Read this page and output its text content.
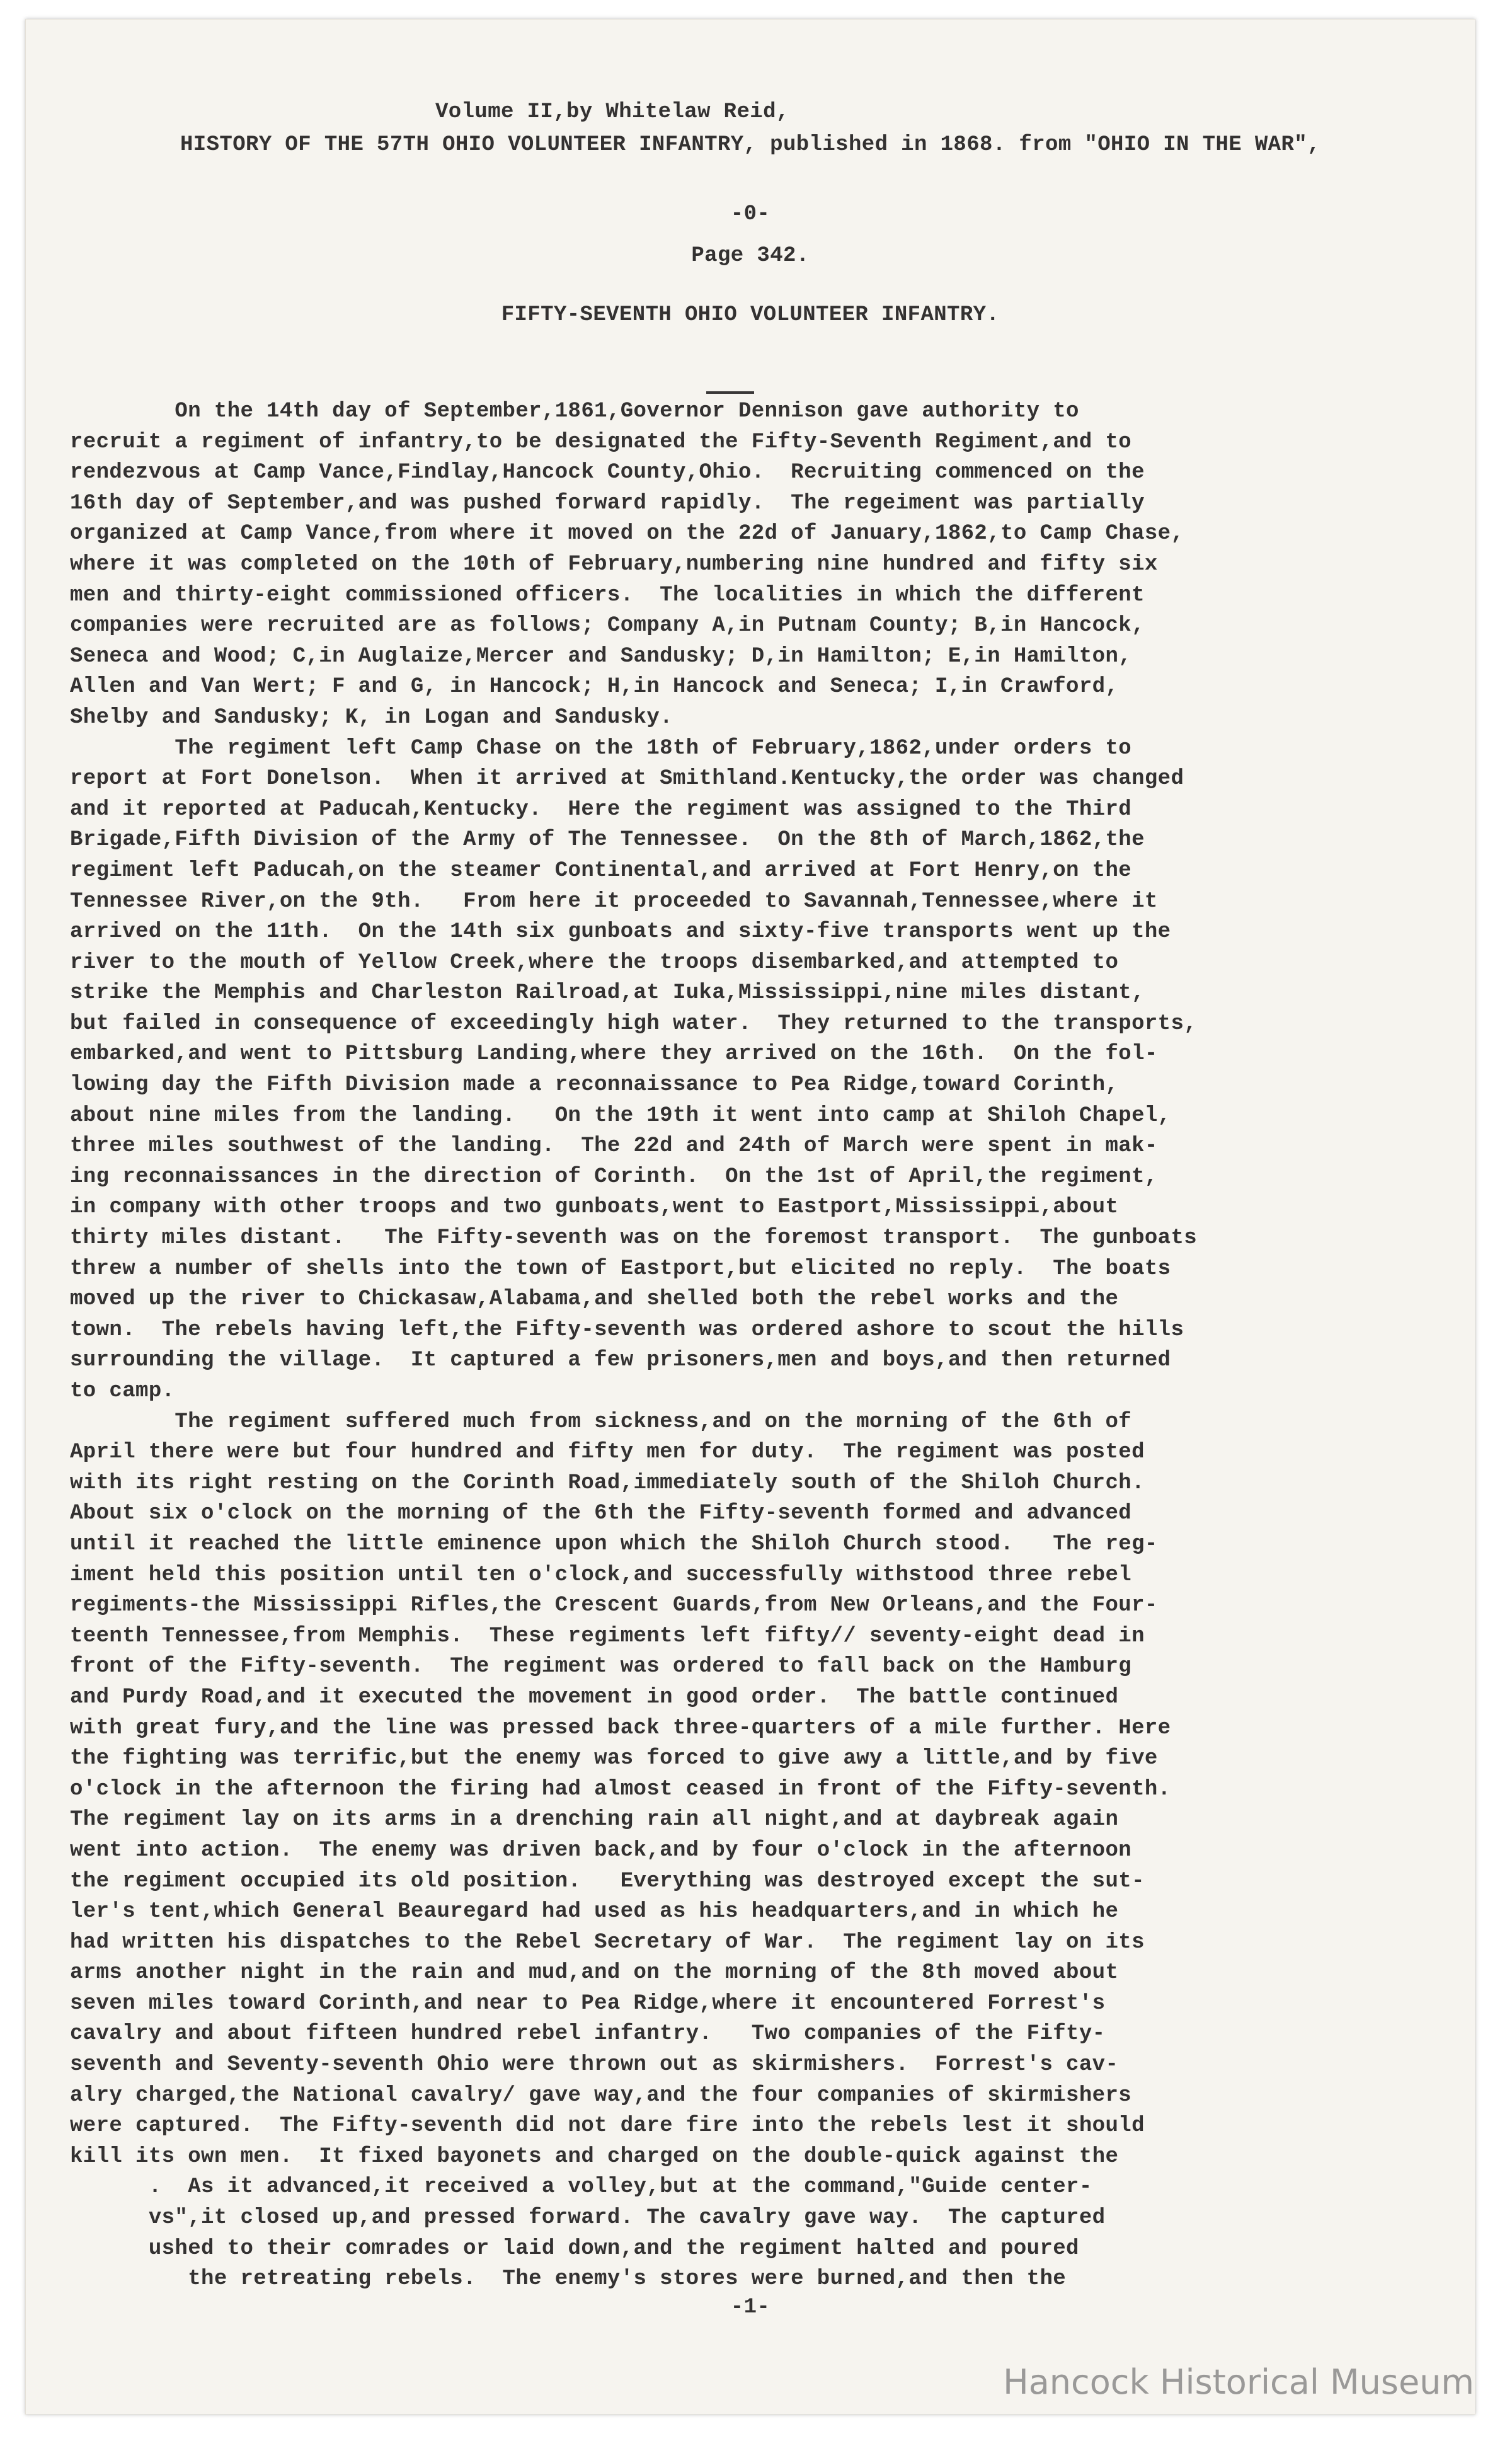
Volume II,by Whitelaw Reid,
HISTORY OF THE 57TH OHIO VOLUNTEER INFANTRY, published in 1868. from "OHIO IN THE WAR",
-0-
Page 342.
FIFTY-SEVENTH OHIO VOLUNTEER INFANTRY.
On the 14th day of September,1861,Governor Dennison gave authority to
recruit a regiment of infantry,to be designated the Fifty-Seventh Regiment,and to
rendezvous at Camp Vance,Findlay,Hancock County,Ohio.  Recruiting commenced on the
16th day of September,and was pushed forward rapidly.  The regeiment was partially
organized at Camp Vance,from where it moved on the 22d of January,1862,to Camp Chase,
where it was completed on the 10th of February,numbering nine hundred and fifty six
men and thirty-eight commissioned officers.  The localities in which the different
companies were recruited are as follows; Company A,in Putnam County; B,in Hancock,
Seneca and Wood; C,in Auglaize,Mercer and Sandusky; D,in Hamilton; E,in Hamilton,
Allen and Van Wert; F and G, in Hancock; H,in Hancock and Seneca; I,in Crawford,
Shelby and Sandusky; K, in Logan and Sandusky.
The regiment left Camp Chase on the 18th of February,1862,under orders to
report at Fort Donelson.  When it arrived at Smithland.Kentucky,the order was changed
and it reported at Paducah,Kentucky.  Here the regiment was assigned to the Third
Brigade,Fifth Division of the Army of The Tennessee.  On the 8th of March,1862,the
regiment left Paducah,on the steamer Continental,and arrived at Fort Henry,on the
Tennessee River,on the 9th.   From here it proceeded to Savannah,Tennessee,where it
arrived on the 11th.  On the 14th six gunboats and sixty-five transports went up the
river to the mouth of Yellow Creek,where the troops disembarked,and attempted to
strike the Memphis and Charleston Railroad,at Iuka,Mississippi,nine miles distant,
but failed in consequence of exceedingly high water.  They returned to the transports,
embarked,and went to Pittsburg Landing,where they arrived on the 16th.  On the fol-
lowing day the Fifth Division made a reconnaissance to Pea Ridge,toward Corinth,
about nine miles from the landing.   On the 19th it went into camp at Shiloh Chapel,
three miles southwest of the landing.  The 22d and 24th of March were spent in mak-
ing reconnaissances in the direction of Corinth.  On the 1st of April,the regiment,
in company with other troops and two gunboats,went to Eastport,Mississippi,about
thirty miles distant.   The Fifty-seventh was on the foremost transport.  The gunboats
threw a number of shells into the town of Eastport,but elicited no reply.  The boats
moved up the river to Chickasaw,Alabama,and shelled both the rebel works and the
town.  The rebels having left,the Fifty-seventh was ordered ashore to scout the hills
surrounding the village.  It captured a few prisoners,men and boys,and then returned
to camp.
The regiment suffered much from sickness,and on the morning of the 6th of
April there were but four hundred and fifty men for duty.  The regiment was posted
with its right resting on the Corinth Road,immediately south of the Shiloh Church.
About six o'clock on the morning of the 6th the Fifty-seventh formed and advanced
until it reached the little eminence upon which the Shiloh Church stood.   The reg-
iment held this position until ten o'clock,and successfully withstood three rebel
regiments-the Mississippi Rifles,the Crescent Guards,from New Orleans,and the Four-
teenth Tennessee,from Memphis.  These regiments left fifty// seventy-eight dead in
front of the Fifty-seventh.  The regiment was ordered to fall back on the Hamburg
and Purdy Road,and it executed the movement in good order.  The battle continued
with great fury,and the line was pressed back three-quarters of a mile further. Here
the fighting was terrific,but the enemy was forced to give awy a little,and by five
o'clock in the afternoon the firing had almost ceased in front of the Fifty-seventh.
The regiment lay on its arms in a drenching rain all night,and at daybreak again
went into action.  The enemy was driven back,and by four o'clock in the afternoon
the regiment occupied its old position.   Everything was destroyed except the sut-
ler's tent,which General Beauregard had used as his headquarters,and in which he
had written his dispatches to the Rebel Secretary of War.  The regiment lay on its
arms another night in the rain and mud,and on the morning of the 8th moved about
seven miles toward Corinth,and near to Pea Ridge,where it encountered Forrest's
cavalry and about fifteen hundred rebel infantry.   Two companies of the Fifty-
seventh and Seventy-seventh Ohio were thrown out as skirmishers.  Forrest's cav-
alry charged,the National cavalry/ gave way,and the four companies of skirmishers
were captured.  The Fifty-seventh did not dare fire into the rebels lest it should
kill its own men.  It fixed bayonets and charged on the double-quick against the
.  As it advanced,it received a volley,but at the command,"Guide center-
vs",it closed up,and pressed forward. The cavalry gave way.  The captured
ushed to their comrades or laid down,and the regiment halted and poured
the retreating rebels.  The enemy's stores were burned,and then the
-1-
Hancock Historical Museum
